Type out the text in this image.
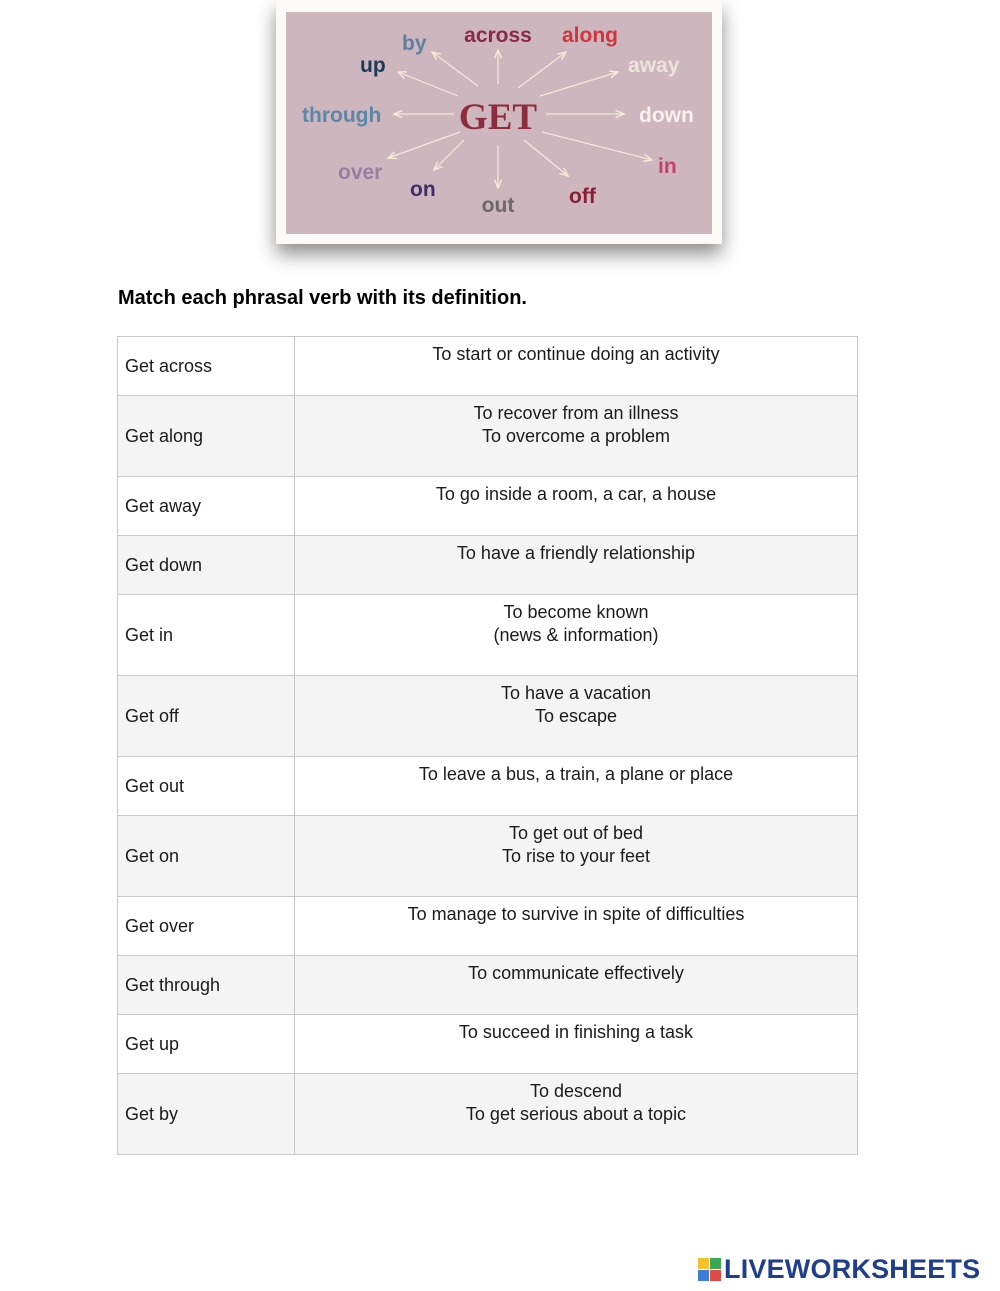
GET
by across along
up	away
through	down
over	in
on
out	off
Match each phrasal verb with its definition.
Get across	To start or continue doing an activity

Get along	To recover from an illness
To overcome a problem

Get away	To go inside a room, a car, a house

Get down	To have a friendly relationship

Get in	To become known
(news & information)

Get off	To have a vacation
To escape

Get out	To leave a bus, a train, a plane or place

Get on	To get out of bed
To rise to your feet

Get over	To manage to survive in spite of difficulties

Get through	To communicate effectively

Get up	To succeed in finishing a task

Get by	To descend
To get serious about a topic
LIVEWORKSHEETS
